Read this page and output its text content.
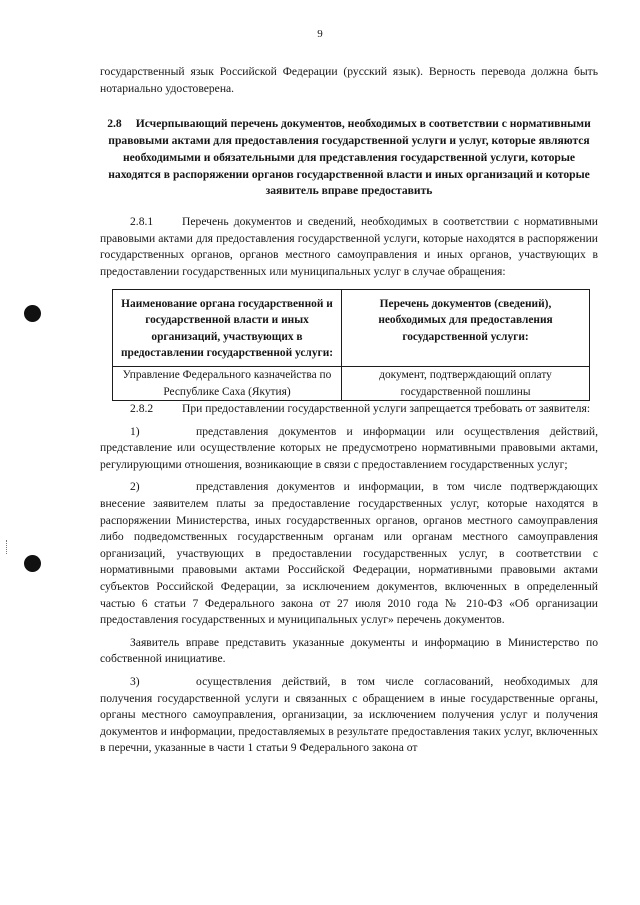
9

государственный язык Российской Федерации (русский язык). Верность перевода должна быть нотариально удостоверена.

2.8 Исчерпывающий перечень документов, необходимых в соответствии с нормативными правовыми актами для предоставления государственной услуги и услуг, которые являются необходимыми и обязательными для представления государственной услуги, которые находятся в распоряжении органов государственной власти и иных организаций и которые заявитель вправе предоставить

2.8.1 Перечень документов и сведений, необходимых в соответствии с нормативными правовыми актами для предоставления государственной услуги, которые находятся в распоряжении государственных органов, органов местного самоуправления и иных органов, участвующих в предоставлении государственных или муниципальных услуг в случае обращения:

Наименование органа государственной и государственной власти и иных организаций, участвующих в предоставлении государственной услуги:	Перечень документов (сведений), необходимых для предоставления государственной услуги:
Управление Федерального казначейства по Республике Саха (Якутия)	документ, подтверждающий оплату государственной пошлины

2.8.2 При предоставлении государственной услуги запрещается требовать от заявителя:

1)	представления документов и информации или осуществления действий, представление или осуществление которых не предусмотрено нормативными правовыми актами, регулирующими отношения, возникающие в связи с предоставлением государственных услуг;

2)	представления документов и информации, в том числе подтверждающих внесение заявителем платы за предоставление государственных услуг, которые находятся в распоряжении Министерства, иных государственных органов, органов местного самоуправления либо подведомственных государственным органам или органам местного самоуправления организаций, участвующих в предоставлении государственных услуг, в соответствии с нормативными правовыми актами Российской Федерации, нормативными правовыми актами субъектов Российской Федерации, за исключением документов, включенных в определенный частью 6 статьи 7 Федерального закона от 27 июля 2010 года № 210-ФЗ «Об организации предоставления государственных и муниципальных услуг» перечень документов.

Заявитель вправе представить указанные документы и информацию в Министерство по собственной инициативе.

3)	осуществления действий, в том числе согласований, необходимых для получения государственной услуги и связанных с обращением в иные государственные органы, органы местного самоуправления, организации, за исключением получения услуг и получения документов и информации, предоставляемых в результате предоставления таких услуг, включенных в перечни, указанные в части 1 статьи 9 Федерального закона от
